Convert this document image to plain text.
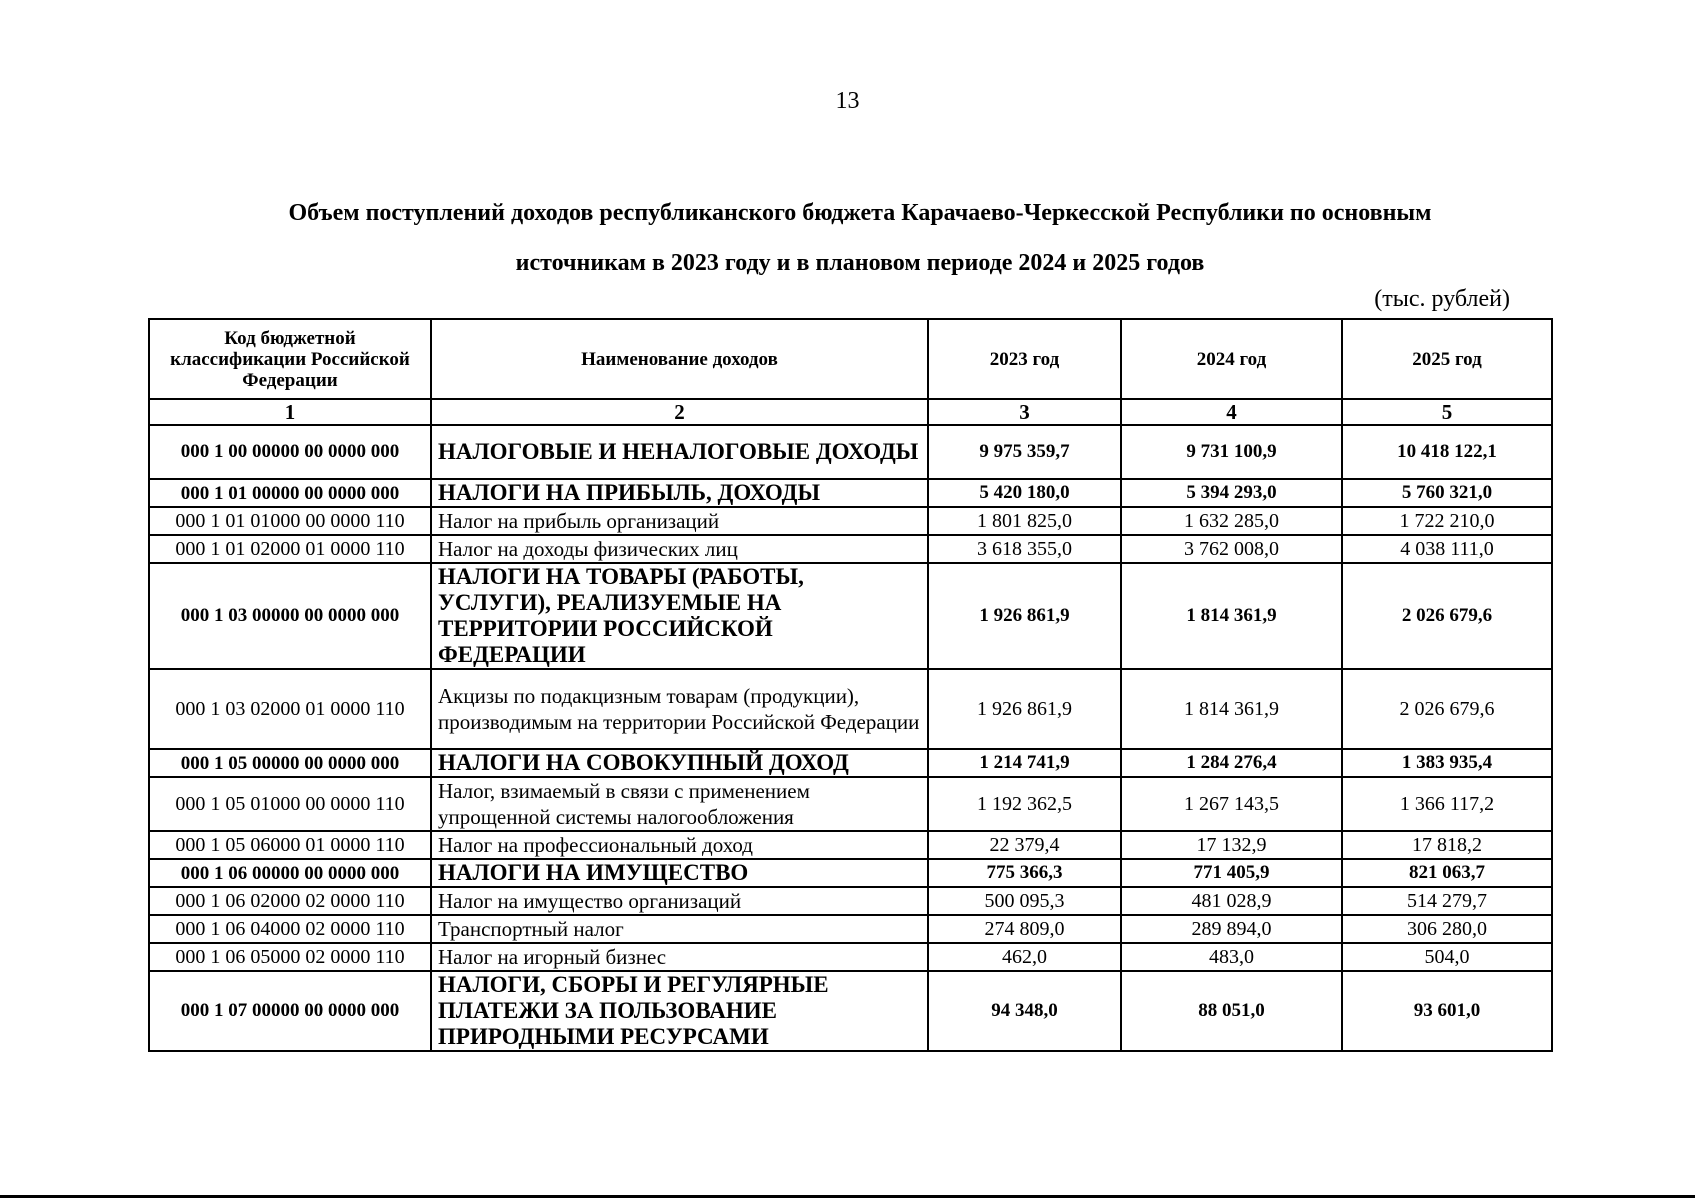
13
Объем поступлений доходов республиканского бюджета Карачаево-Черкесской Республики по основным
источникам в 2023 году и в плановом периоде 2024 и 2025 годов
(тыс. рублей)
Код бюджетной классификации Российской Федерации	Наименование доходов	2023 год	2024 год	2025 год
1	2	3	4	5
000 1 00 00000 00 0000 000	НАЛОГОВЫЕ И НЕНАЛОГОВЫЕ ДОХОДЫ	9 975 359,7	9 731 100,9	10 418 122,1
000 1 01 00000 00 0000 000	НАЛОГИ НА ПРИБЫЛЬ, ДОХОДЫ	5 420 180,0	5 394 293,0	5 760 321,0
000 1 01 01000 00 0000 110	Налог на прибыль организаций	1 801 825,0	1 632 285,0	1 722 210,0
000 1 01 02000 01 0000 110	Налог на доходы физических лиц	3 618 355,0	3 762 008,0	4 038 111,0
000 1 03 00000 00 0000 000	НАЛОГИ НА ТОВАРЫ (РАБОТЫ, УСЛУГИ), РЕАЛИЗУЕМЫЕ НА ТЕРРИТОРИИ РОССИЙСКОЙ ФЕДЕРАЦИИ	1 926 861,9	1 814 361,9	2 026 679,6
000 1 03 02000 01 0000 110	Акцизы по подакцизным товарам (продукции), производимым на территории Российской Федерации	1 926 861,9	1 814 361,9	2 026 679,6
000 1 05 00000 00 0000 000	НАЛОГИ НА СОВОКУПНЫЙ ДОХОД	1 214 741,9	1 284 276,4	1 383 935,4
000 1 05 01000 00 0000 110	Налог, взимаемый в связи с применением упрощенной системы налогообложения	1 192 362,5	1 267 143,5	1 366 117,2
000 1 05 06000 01 0000 110	Налог на профессиональный доход	22 379,4	17 132,9	17 818,2
000 1 06 00000 00 0000 000	НАЛОГИ НА ИМУЩЕСТВО	775 366,3	771 405,9	821 063,7
000 1 06 02000 02 0000 110	Налог на имущество организаций	500 095,3	481 028,9	514 279,7
000 1 06 04000 02 0000 110	Транспортный налог	274 809,0	289 894,0	306 280,0
000 1 06 05000 02 0000 110	Налог на игорный бизнес	462,0	483,0	504,0
000 1 07 00000 00 0000 000	НАЛОГИ, СБОРЫ И РЕГУЛЯРНЫЕ ПЛАТЕЖИ ЗА ПОЛЬЗОВАНИЕ ПРИРОДНЫМИ РЕСУРСАМИ	94 348,0	88 051,0	93 601,0
